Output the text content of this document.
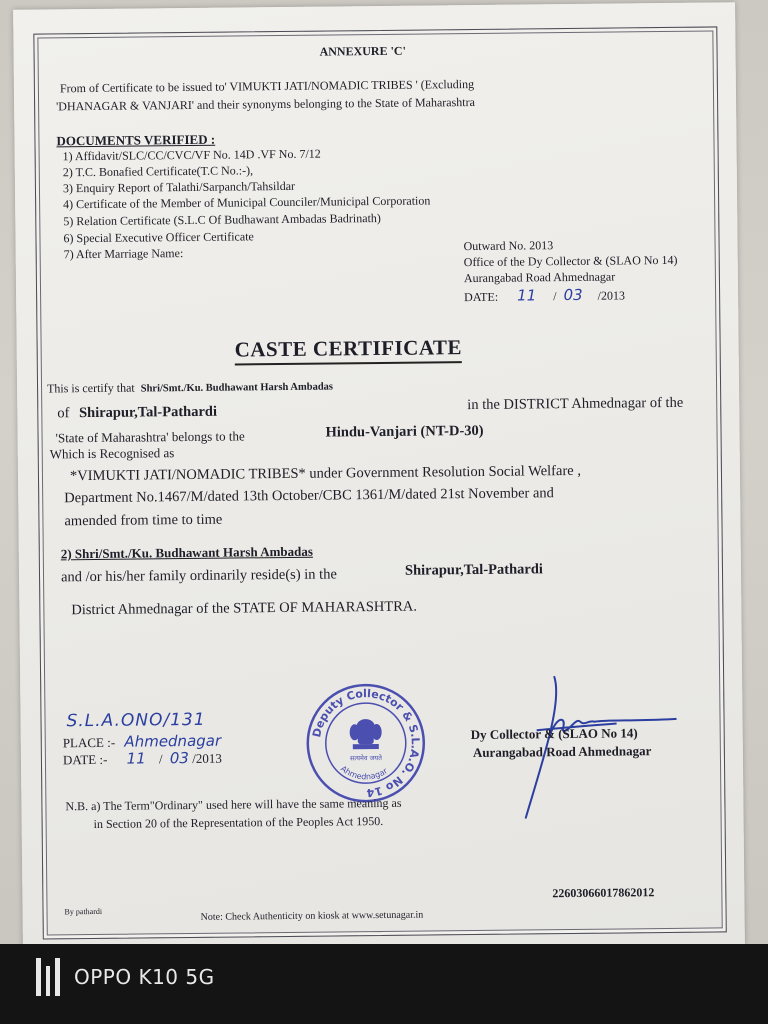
ANNEXURE 'C'
From of Certificate to be issued to' VIMUKTI JATI/NOMADIC TRIBES ' (Excluding
'DHANAGAR & VANJARI' and their synonyms belonging to the State of Maharashtra
DOCUMENTS VERIFIED :
1) Affidavit/SLC/CC/CVC/VF No. 14D .VF No. 7/12
2) T.C. Bonafied Certificate(T.C No.:-),
3) Enquiry Report of Talathi/Sarpanch/Tahsildar
4) Certificate of the Member of Municipal Counciler/Municipal Corporation
5) Relation Certificate (S.L.C Of Budhawant Ambadas Badrinath)
6) Special Executive Officer Certificate
7) After Marriage Name:
Outward No. 2013
Office of the Dy Collector & (SLAO No 14)
Aurangabad Road Ahmednagar
DATE: 11 / 03 /2013
CASTE CERTIFICATE
This is certify that Shri/Smt./Ku. Budhawant Harsh Ambadas
of Shirapur,Tal-Pathardi	in the DISTRICT Ahmednagar of the
'State of Maharashtra' belongs to the	Hindu-Vanjari (NT-D-30)
Which is Recognised as
*VIMUKTI JATI/NOMADIC TRIBES* under Government Resolution Social Welfare ,
Department No.1467/M/dated 13th October/CBC 1361/M/dated 21st November and
amended from time to time
2) Shri/Smt./Ku. Budhawant Harsh Ambadas
and /or his/her family ordinarily reside(s) in the	Shirapur,Tal-Pathardi
District Ahmednagar of the STATE OF MAHARASHTRA.
S.L.A.ONO/131
PLACE :- Ahmednagar
DATE :- 11 / 03 /2013
Deputy Collector & S.L.A.O. No 14
सत्यमेव जयते
Ahmednagar
Dy Collector & (SLAO No 14)
Aurangabad Road Ahmednagar
N.B. a) The Term"Ordinary" used here will have the same meaning as
in Section 20 of the Representation of the Peoples Act 1950.
22603066017862012
By pathardi	Note: Check Authenticity on kiosk at www.setunagar.in
OPPO K10 5G
